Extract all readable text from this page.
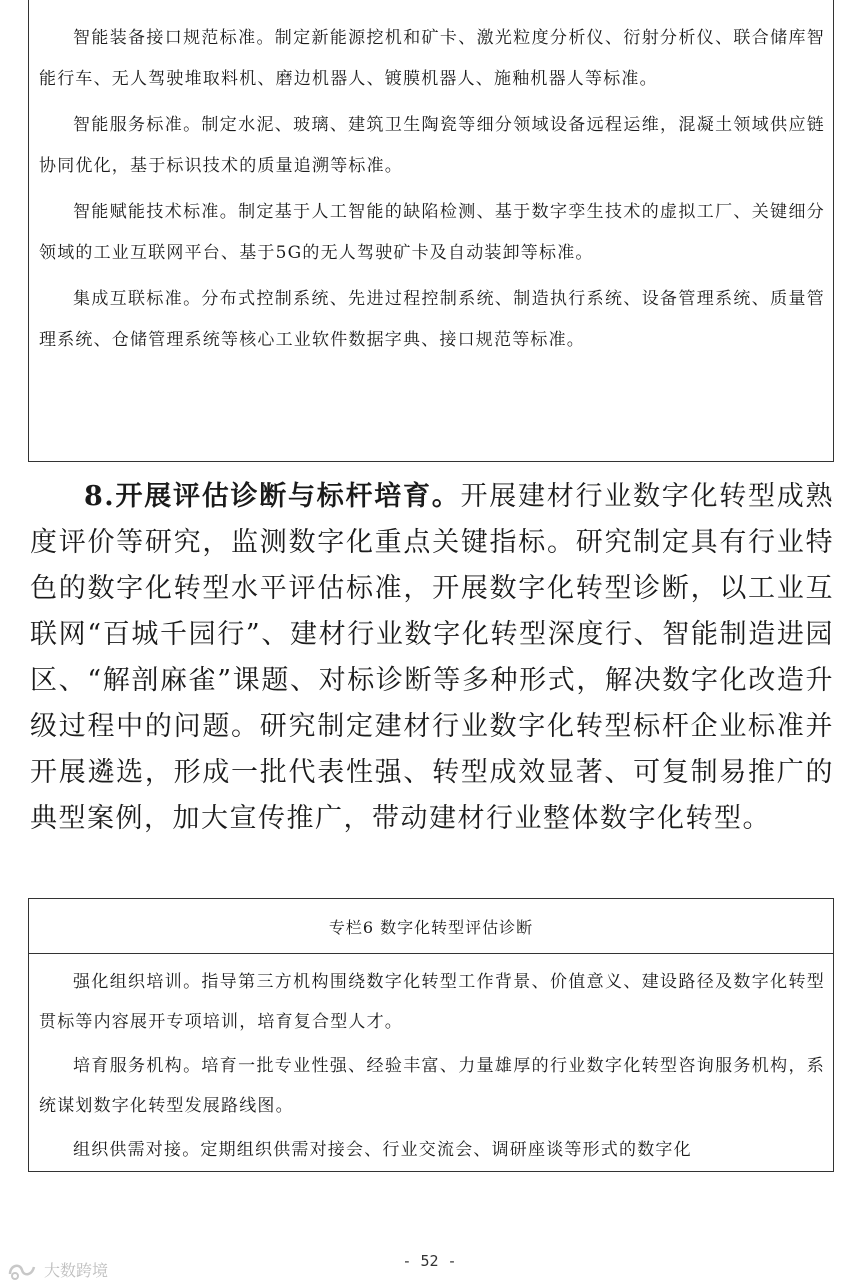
智能装备接口规范标准。制定新能源挖机和矿卡、激光粒度分析仪、衍射分析仪、联合储库智能行车、无人驾驶堆取料机、磨边机器人、镀膜机器人、施釉机器人等标准。

智能服务标准。制定水泥、玻璃、建筑卫生陶瓷等细分领域设备远程运维，混凝土领域供应链协同优化，基于标识技术的质量追溯等标准。

智能赋能技术标准。制定基于人工智能的缺陷检测、基于数字孪生技术的虚拟工厂、关键细分领域的工业互联网平台、基于5G的无人驾驶矿卡及自动装卸等标准。

集成互联标准。分布式控制系统、先进过程控制系统、制造执行系统、设备管理系统、质量管理系统、仓储管理系统等核心工业软件数据字典、接口规范等标准。

8.开展评估诊断与标杆培育。开展建材行业数字化转型成熟度评价等研究，监测数字化重点关键指标。研究制定具有行业特色的数字化转型水平评估标准，开展数字化转型诊断，以工业互联网“百城千园行”、建材行业数字化转型深度行、智能制造进园区、“解剖麻雀”课题、对标诊断等多种形式，解决数字化改造升级过程中的问题。研究制定建材行业数字化转型标杆企业标准并开展遴选，形成一批代表性强、转型成效显著、可复制易推广的典型案例，加大宣传推广，带动建材行业整体数字化转型。

专栏6 数字化转型评估诊断

强化组织培训。指导第三方机构围绕数字化转型工作背景、价值意义、建设路径及数字化转型贯标等内容展开专项培训，培育复合型人才。

培育服务机构。培育一批专业性强、经验丰富、力量雄厚的行业数字化转型咨询服务机构，系统谋划数字化转型发展路线图。

组织供需对接。定期组织供需对接会、行业交流会、调研座谈等形式的数字化

- 52 -
大数跨境
